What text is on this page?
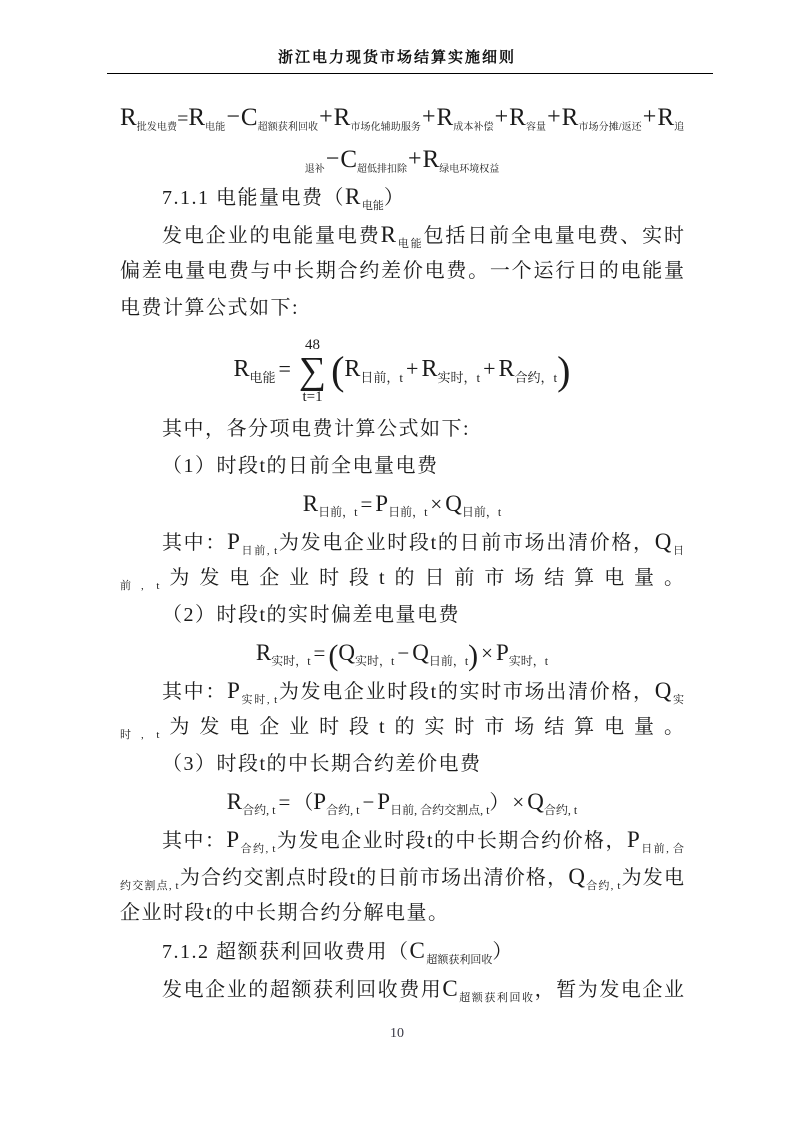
浙江电力现货市场结算实施细则
$R_{批发电费}=R_{电能}-C_{超额获利回收}+R_{市场化辅助服务}+R_{成本补偿}+R_{容量}+R_{市场分摊/返还}+R_追$
$_{退补}-C_{超低排扣除}+R_{绿电环境权益}$
7.1.1 电能量电费$(R_{电能})$
发电企业的电能量电费$R_{电能}$包括日前全电量电费、实时
偏差电量电费与中长期合约差价电费。一个运行日的电能量
电费计算公式如下:
$R_{电能}$ =
48
∑
t=1
$(R_{日前,t} + R_{实时,t} + R_{合约,t})$
其中，各分项电费计算公式如下:
（1）时段t的日前全电量电费
$R_{日前,t} = P_{日前,t} \times Q_{日前,t}$
其中：$P_{日前, t}$为发电企业时段t的日前市场出清价格，$Q_日$
$_{前, t}$为发电企业时段t的日前市场结算电量。
（2）时段t的实时偏差电量电费
$R_{实时,t} = (Q_{实时,t} - Q_{日前,t}) \times P_{实时,t}$
其中：$P_{实时, t}$为发电企业时段t的实时市场出清价格，$Q_实$
$_{时, t}$为发电企业时段t的实时市场结算电量。
（3）时段t的中长期合约差价电费
$R_{合约, t} = (P_{合约, t} - P_{日前, 合约交割点, t}) \times Q_{合约, t}$
其中：$P_{合约, t}$为发电企业时段t的中长期合约价格，$P_{日前, 合}$
$_{约交割点, t}$为合约交割点时段t的日前市场出清价格，$Q_{合约, t}$为发电
企业时段t的中长期合约分解电量。
7.1.2 超额获利回收费用$(C_{超额获利回收})$
发电企业的超额获利回收费用$C_{超额获利回收}$，暂为发电企业
10
